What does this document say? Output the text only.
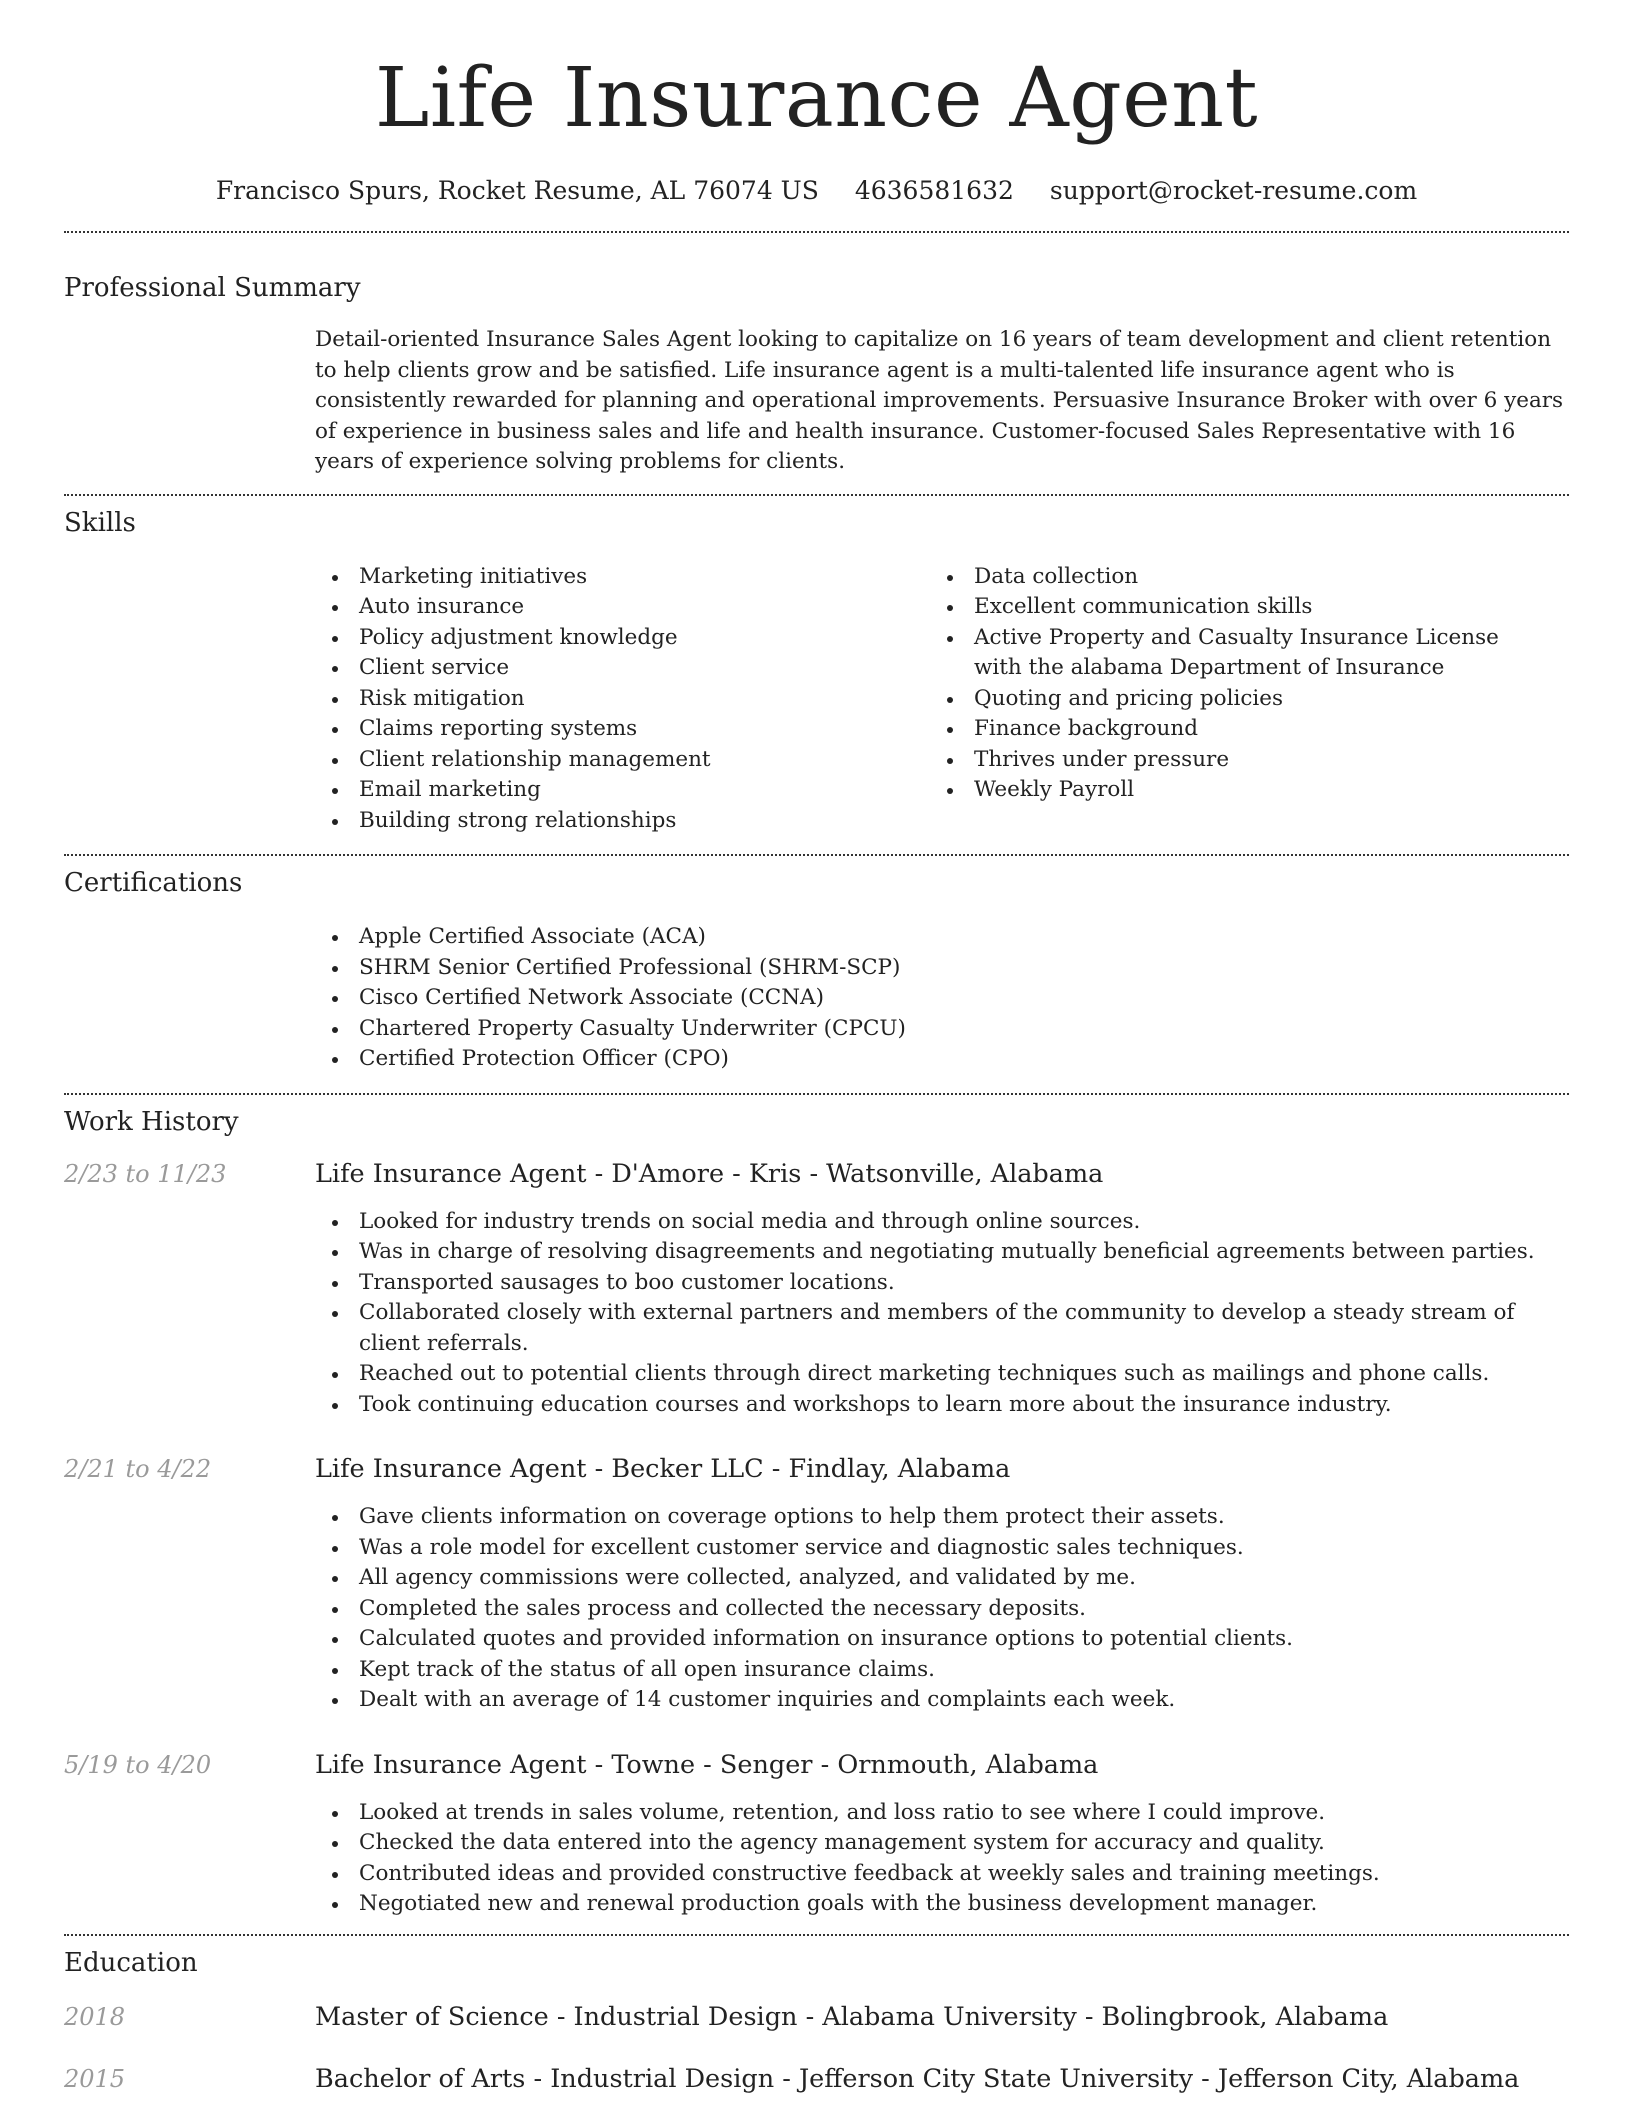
Life Insurance Agent
Francisco Spurs, Rocket Resume, AL 76074 US 4636581632 support@rocket-resume.com
Professional Summary

Detail-oriented Insurance Sales Agent looking to capitalize on 16 years of team development and client retention to help clients grow and be satisfied. Life insurance agent is a multi-talented life insurance agent who is consistently rewarded for planning and operational improvements. Persuasive Insurance Broker with over 6 years of experience in business sales and life and health insurance. Customer-focused Sales Representative with 16 years of experience solving problems for clients.

Skills
Marketing initiatives
Auto insurance
Policy adjustment knowledge
Client service
Risk mitigation
Claims reporting systems
Client relationship management
Email marketing
Building strong relationships
Data collection
Excellent communication skills
Active Property and Casualty Insurance License with the alabama Department of Insurance
Quoting and pricing policies
Finance background
Thrives under pressure
Weekly Payroll
Certifications
Apple Certified Associate (ACA)
SHRM Senior Certified Professional (SHRM-SCP)
Cisco Certified Network Associate (CCNA)
Chartered Property Casualty Underwriter (CPCU)
Certified Protection Officer (CPO)
Work History
2/23 to 11/23	Life Insurance Agent - D'Amore - Kris - Watsonville, Alabama
Looked for industry trends on social media and through online sources.
Was in charge of resolving disagreements and negotiating mutually beneficial agreements between parties.
Transported sausages to boo customer locations.
Collaborated closely with external partners and members of the community to develop a steady stream of client referrals.
Reached out to potential clients through direct marketing techniques such as mailings and phone calls.
Took continuing education courses and workshops to learn more about the insurance industry.
2/21 to 4/22	Life Insurance Agent - Becker LLC - Findlay, Alabama
Gave clients information on coverage options to help them protect their assets.
Was a role model for excellent customer service and diagnostic sales techniques.
All agency commissions were collected, analyzed, and validated by me.
Completed the sales process and collected the necessary deposits.
Calculated quotes and provided information on insurance options to potential clients.
Kept track of the status of all open insurance claims.
Dealt with an average of 14 customer inquiries and complaints each week.
5/19 to 4/20	Life Insurance Agent - Towne - Senger - Ornmouth, Alabama
Looked at trends in sales volume, retention, and loss ratio to see where I could improve.
Checked the data entered into the agency management system for accuracy and quality.
Contributed ideas and provided constructive feedback at weekly sales and training meetings.
Negotiated new and renewal production goals with the business development manager.
Education
2018	Master of Science - Industrial Design - Alabama University - Bolingbrook, Alabama
2015	Bachelor of Arts - Industrial Design - Jefferson City State University - Jefferson City, Alabama
